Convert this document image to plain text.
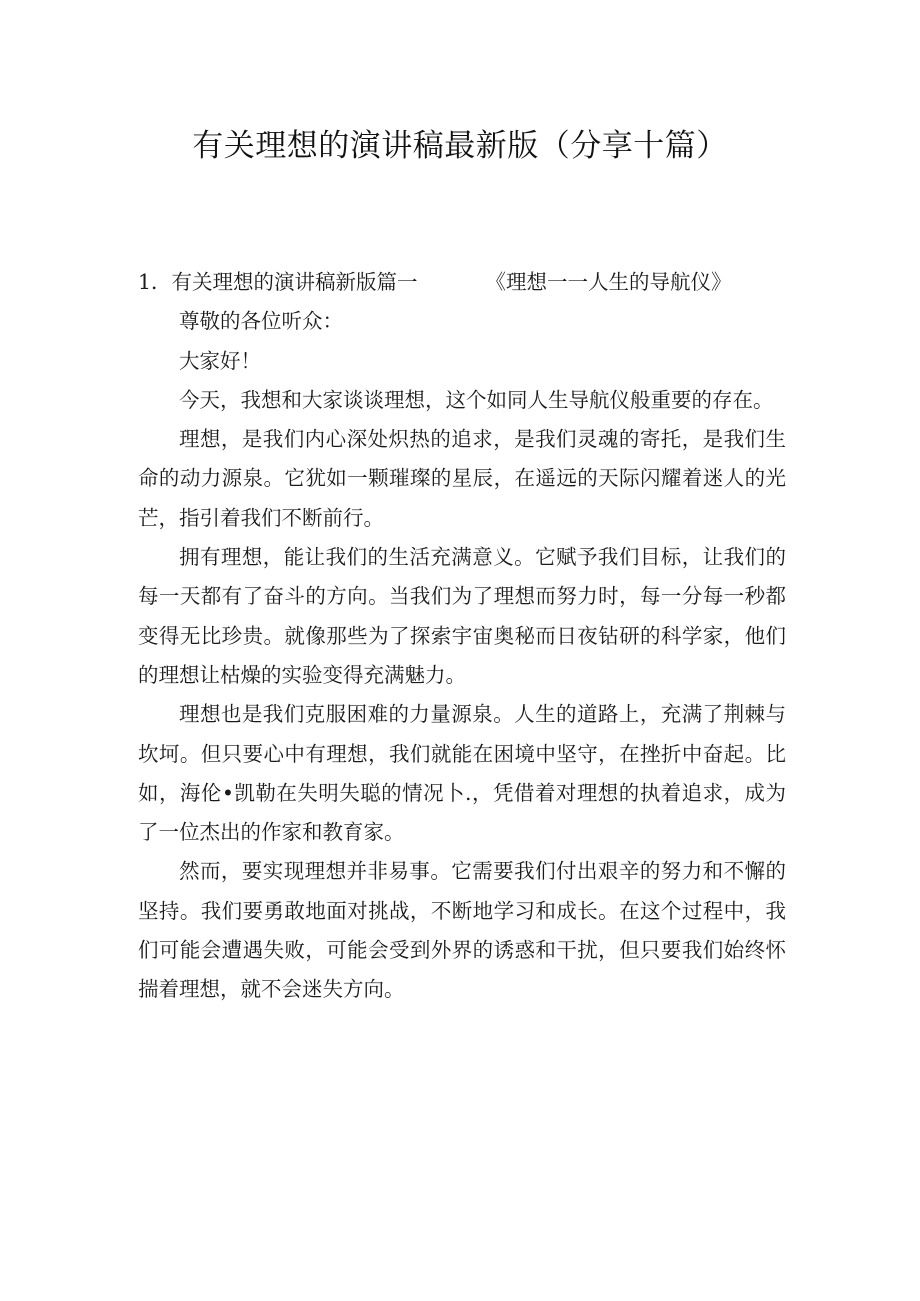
有关理想的演讲稿最新版（分享十篇）

1．有关理想的演讲稿新版篇一	《理想一一人生的导航仪》

尊敬的各位听众：

大家好！

今天，我想和大家谈谈理想，这个如同人生导航仪般重要的存在。

理想，是我们内心深处炽热的追求，是我们灵魂的寄托，是我们生命的动力源泉。它犹如一颗璀璨的星辰，在遥远的天际闪耀着迷人的光芒，指引着我们不断前行。

拥有理想，能让我们的生活充满意义。它赋予我们目标，让我们的每一天都有了奋斗的方向。当我们为了理想而努力时，每一分每一秒都变得无比珍贵。就像那些为了探索宇宙奥秘而日夜钻研的科学家，他们的理想让枯燥的实验变得充满魅力。

理想也是我们克服困难的力量源泉。人生的道路上，充满了荆棘与坎坷。但只要心中有理想，我们就能在困境中坚守，在挫折中奋起。比如，海伦•凯勒在失明失聪的情况卜.，凭借着对理想的执着追求，成为了一位杰出的作家和教育家。

然而，要实现理想并非易事。它需要我们付出艰辛的努力和不懈的坚持。我们要勇敢地面对挑战，不断地学习和成长。在这个过程中，我们可能会遭遇失败，可能会受到外界的诱惑和干扰，但只要我们始终怀揣着理想，就不会迷失方向。
